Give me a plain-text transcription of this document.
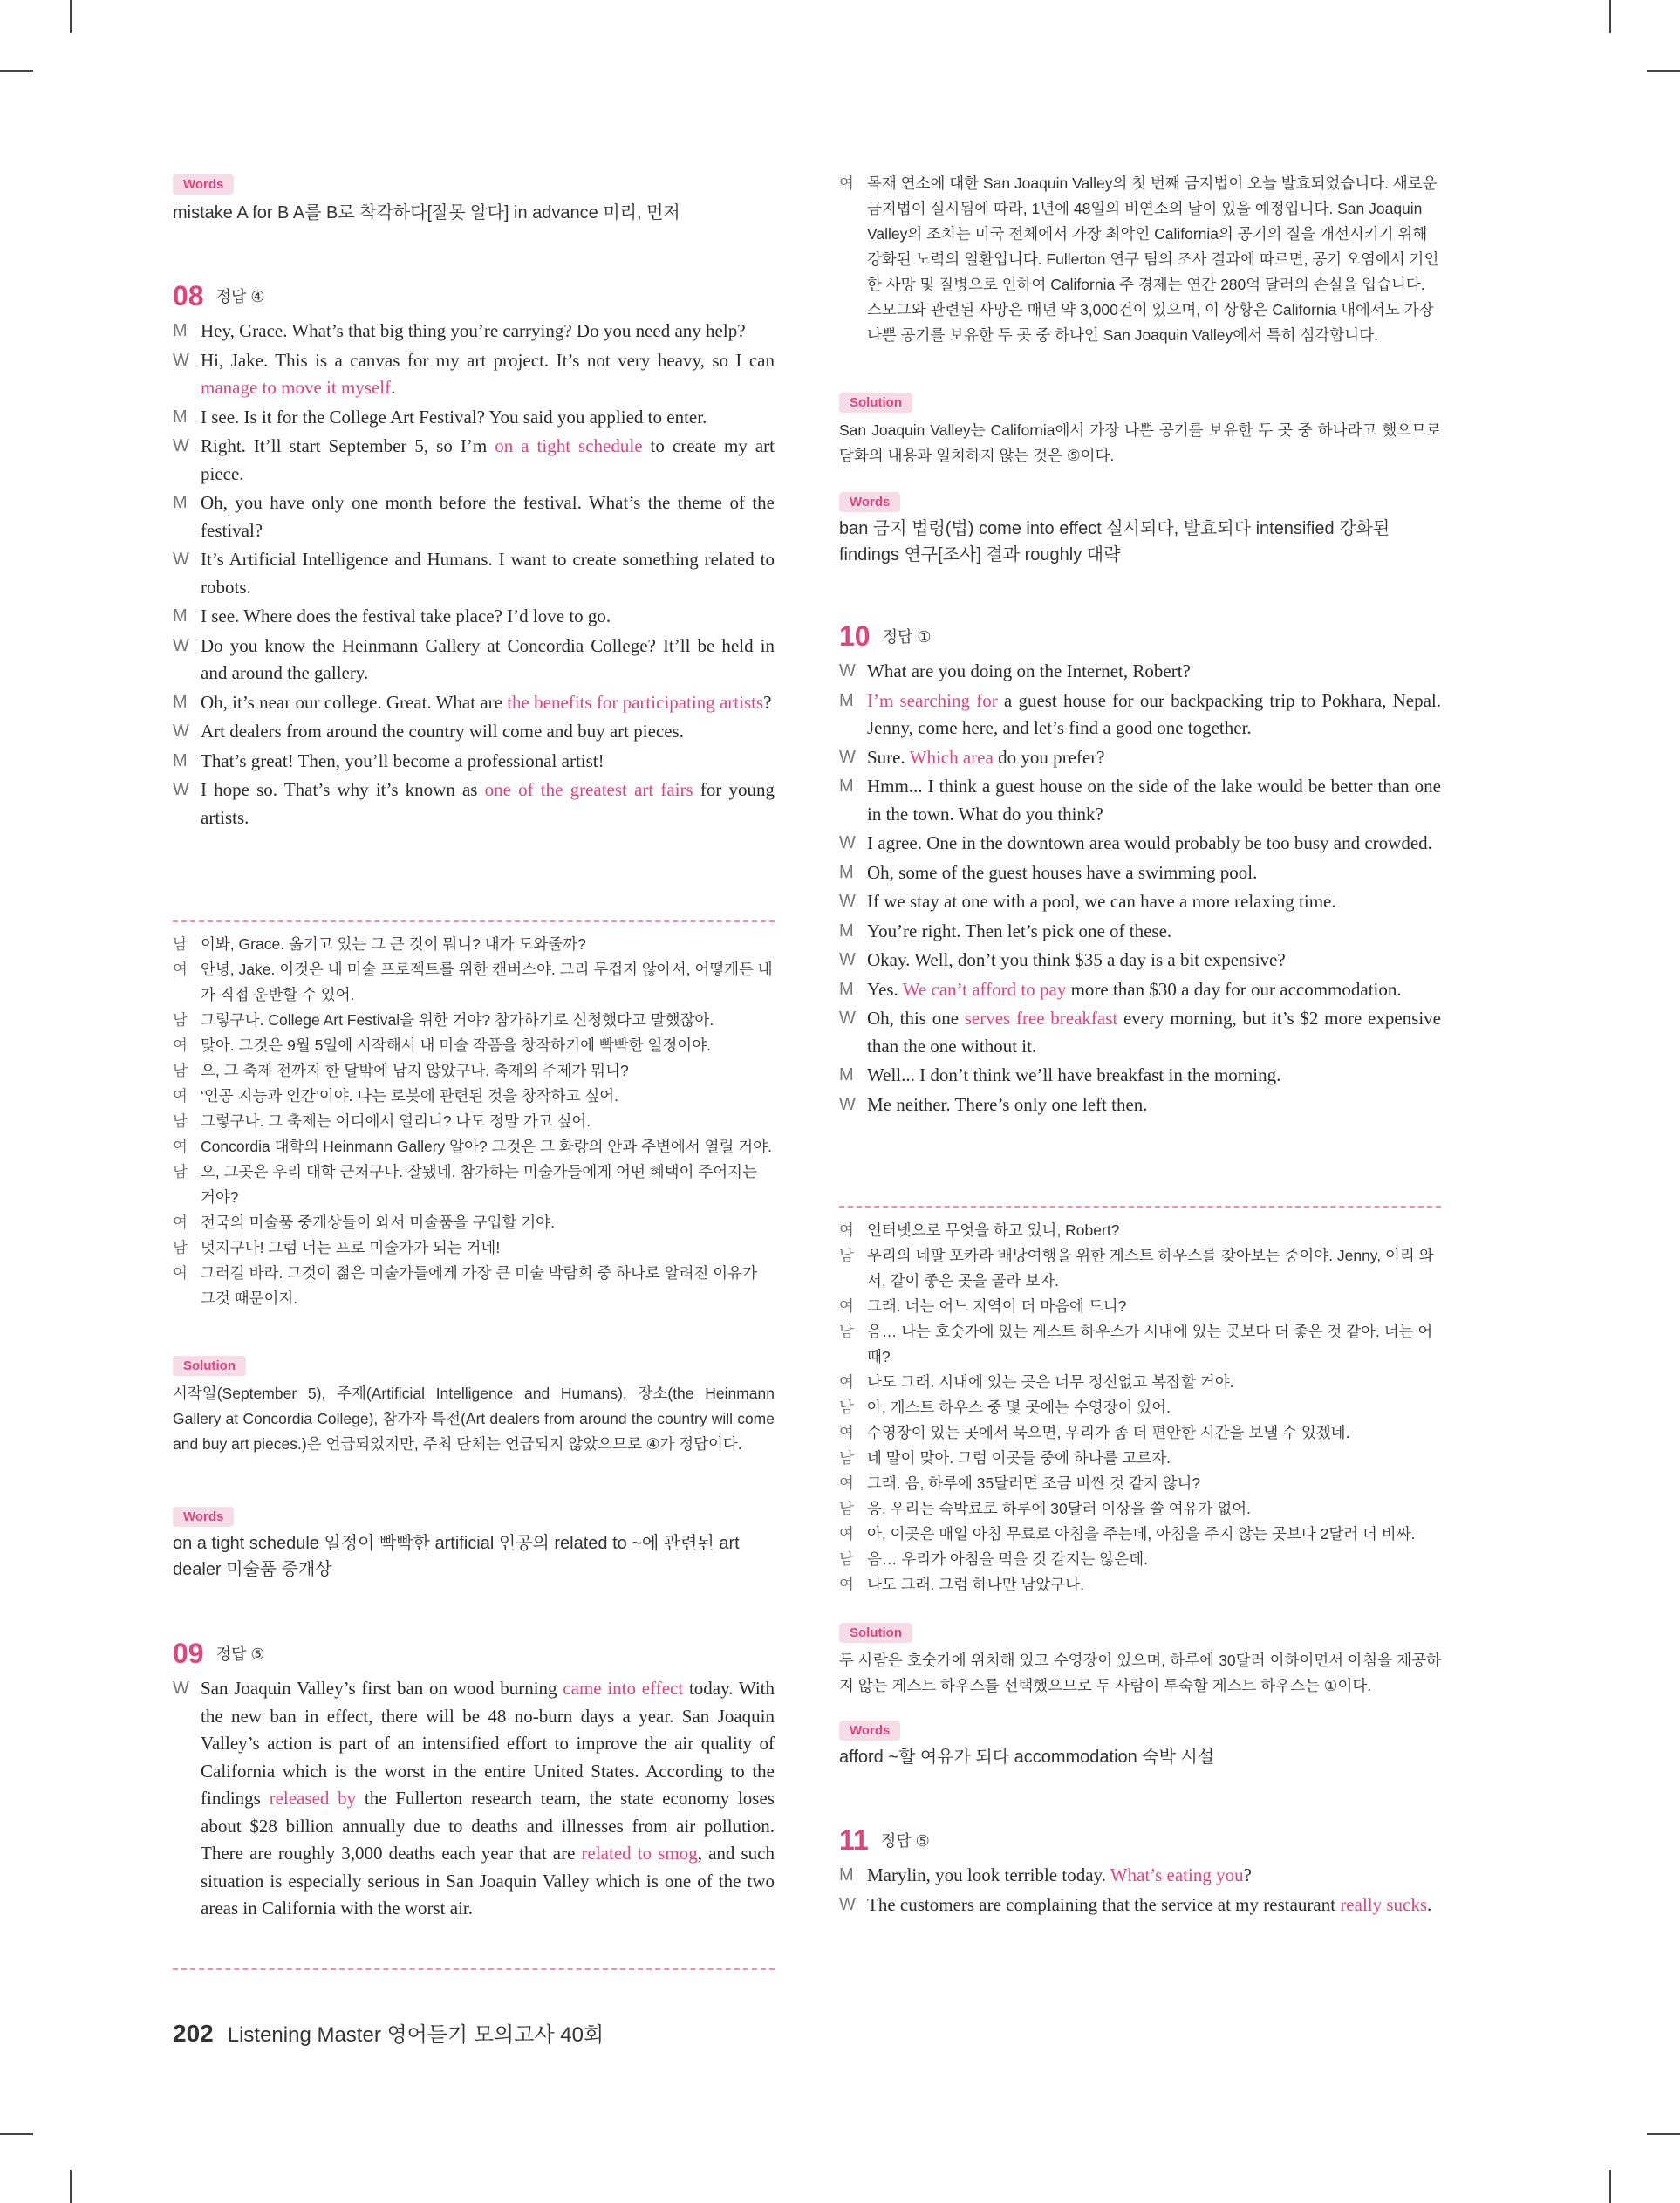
Words
mistake A for B A를 B로 착각하다[잘못 알다] in advance 미리, 먼저
08 정답 ④
M Hey, Grace. What’s that big thing you’re carrying? Do you need any help?
W Hi, Jake. This is a canvas for my art project. It’s not very heavy, so I can manage to move it myself.
M I see. Is it for the College Art Festival? You said you applied to enter.
W Right. It’ll start September 5, so I’m on a tight schedule to create my art piece.
M Oh, you have only one month before the festival. What’s the theme of the festival?
W It’s Artificial Intelligence and Humans. I want to create something related to robots.
M I see. Where does the festival take place? I’d love to go.
W Do you know the Heinmann Gallery at Concordia College? It’ll be held in and around the gallery.
M Oh, it’s near our college. Great. What are the benefits for participating artists?
W Art dealers from around the country will come and buy art pieces.
M That’s great! Then, you’ll become a professional artist!
W I hope so. That’s why it’s known as one of the greatest art fairs for young artists.
남 이봐, Grace. 옮기고 있는 그 큰 것이 뭐니? 내가 도와줄까?
여 안녕, Jake. 이것은 내 미술 프로젝트를 위한 캔버스야. 그리 무겁지 않아서, 어떻게든 내가 직접 운반할 수 있어.
남 그렇구나. College Art Festival을 위한 거야? 참가하기로 신청했다고 말했잖아.
여 맞아. 그것은 9월 5일에 시작해서 내 미술 작품을 창작하기에 빡빡한 일정이야.
남 오, 그 축제 전까지 한 달밖에 남지 않았구나. 축제의 주제가 뭐니?
여 ‘인공 지능과 인간’이야. 나는 로봇에 관련된 것을 창작하고 싶어.
남 그렇구나. 그 축제는 어디에서 열리니? 나도 정말 가고 싶어.
여 Concordia 대학의 Heinmann Gallery 알아? 그것은 그 화랑의 안과 주변에서 열릴 거야.
남 오, 그곳은 우리 대학 근처구나. 잘됐네. 참가하는 미술가들에게 어떤 혜택이 주어지는 거야?
여 전국의 미술품 중개상들이 와서 미술품을 구입할 거야.
남 멋지구나! 그럼 너는 프로 미술가가 되는 거네!
여 그러길 바라. 그것이 젊은 미술가들에게 가장 큰 미술 박람회 중 하나로 알려진 이유가 그것 때문이지.
Solution
시작일(September 5), 주제(Artificial Intelligence and Humans), 장소(the Heinmann Gallery at Concordia College), 참가자 특전(Art dealers from around the country will come and buy art pieces.)은 언급되었지만, 주최 단체는 언급되지 않았으므로 ④가 정답이다.
Words
on a tight schedule 일정이 빡빡한 artificial 인공의 related to ~에 관련된 art dealer 미술품 중개상
09 정답 ⑤
W San Joaquin Valley’s first ban on wood burning came into effect today. With the new ban in effect, there will be 48 no-burn days a year. San Joaquin Valley’s action is part of an intensified effort to improve the air quality of California which is the worst in the entire United States. According to the findings released by the Fullerton research team, the state economy loses about $28 billion annually due to deaths and illnesses from air pollution. There are roughly 3,000 deaths each year that are related to smog, and such situation is especially serious in San Joaquin Valley which is one of the two areas in California with the worst air.
여 목재 연소에 대한 San Joaquin Valley의 첫 번째 금지법이 오늘 발효되었습니다. 새로운 금지법이 실시됨에 따라, 1년에 48일의 비연소의 날이 있을 예정입니다. San Joaquin Valley의 조치는 미국 전체에서 가장 최악인 California의 공기의 질을 개선시키기 위해 강화된 노력의 일환입니다. Fullerton 연구 팀의 조사 결과에 따르면, 공기 오염에서 기인한 사망 및 질병으로 인하여 California 주 경제는 연간 280억 달러의 손실을 입습니다. 스모그와 관련된 사망은 매년 약 3,000건이 있으며, 이 상황은 California 내에서도 가장 나쁜 공기를 보유한 두 곳 중 하나인 San Joaquin Valley에서 특히 심각합니다.
Solution
San Joaquin Valley는 California에서 가장 나쁜 공기를 보유한 두 곳 중 하나라고 했으므로 담화의 내용과 일치하지 않는 것은 ⑤이다.
Words
ban 금지 법령(법) come into effect 실시되다, 발효되다 intensified 강화된 findings 연구[조사] 결과 roughly 대략
10 정답 ①
W What are you doing on the Internet, Robert?
M I’m searching for a guest house for our backpacking trip to Pokhara, Nepal. Jenny, come here, and let’s find a good one together.
W Sure. Which area do you prefer?
M Hmm... I think a guest house on the side of the lake would be better than one in the town. What do you think?
W I agree. One in the downtown area would probably be too busy and crowded.
M Oh, some of the guest houses have a swimming pool.
W If we stay at one with a pool, we can have a more relaxing time.
M You’re right. Then let’s pick one of these.
W Okay. Well, don’t you think $35 a day is a bit expensive?
M Yes. We can’t afford to pay more than $30 a day for our accommodation.
W Oh, this one serves free breakfast every morning, but it’s $2 more expensive than the one without it.
M Well... I don’t think we’ll have breakfast in the morning.
W Me neither. There’s only one left then.
여 인터넷으로 무엇을 하고 있니, Robert?
남 우리의 네팔 포카라 배낭여행을 위한 게스트 하우스를 찾아보는 중이야. Jenny, 이리 와서, 같이 좋은 곳을 골라 보자.
여 그래. 너는 어느 지역이 더 마음에 드니?
남 음… 나는 호숫가에 있는 게스트 하우스가 시내에 있는 곳보다 더 좋은 것 같아. 너는 어때?
여 나도 그래. 시내에 있는 곳은 너무 정신없고 복잡할 거야.
남 아, 게스트 하우스 중 몇 곳에는 수영장이 있어.
여 수영장이 있는 곳에서 묵으면, 우리가 좀 더 편안한 시간을 보낼 수 있겠네.
남 네 말이 맞아. 그럼 이곳들 중에 하나를 고르자.
여 그래. 음, 하루에 35달러면 조금 비싼 것 같지 않니?
남 응, 우리는 숙박료로 하루에 30달러 이상을 쓸 여유가 없어.
여 아, 이곳은 매일 아침 무료로 아침을 주는데, 아침을 주지 않는 곳보다 2달러 더 비싸.
남 음… 우리가 아침을 먹을 것 같지는 않은데.
여 나도 그래. 그럼 하나만 남았구나.
Solution
두 사람은 호숫가에 위치해 있고 수영장이 있으며, 하루에 30달러 이하이면서 아침을 제공하지 않는 게스트 하우스를 선택했으므로 두 사람이 투숙할 게스트 하우스는 ①이다.
Words
afford ~할 여유가 되다 accommodation 숙박 시설
11 정답 ⑤
M Marylin, you look terrible today. What’s eating you?
W The customers are complaining that the service at my restaurant really sucks.
202 Listening Master 영어듣기 모의고사 40회
